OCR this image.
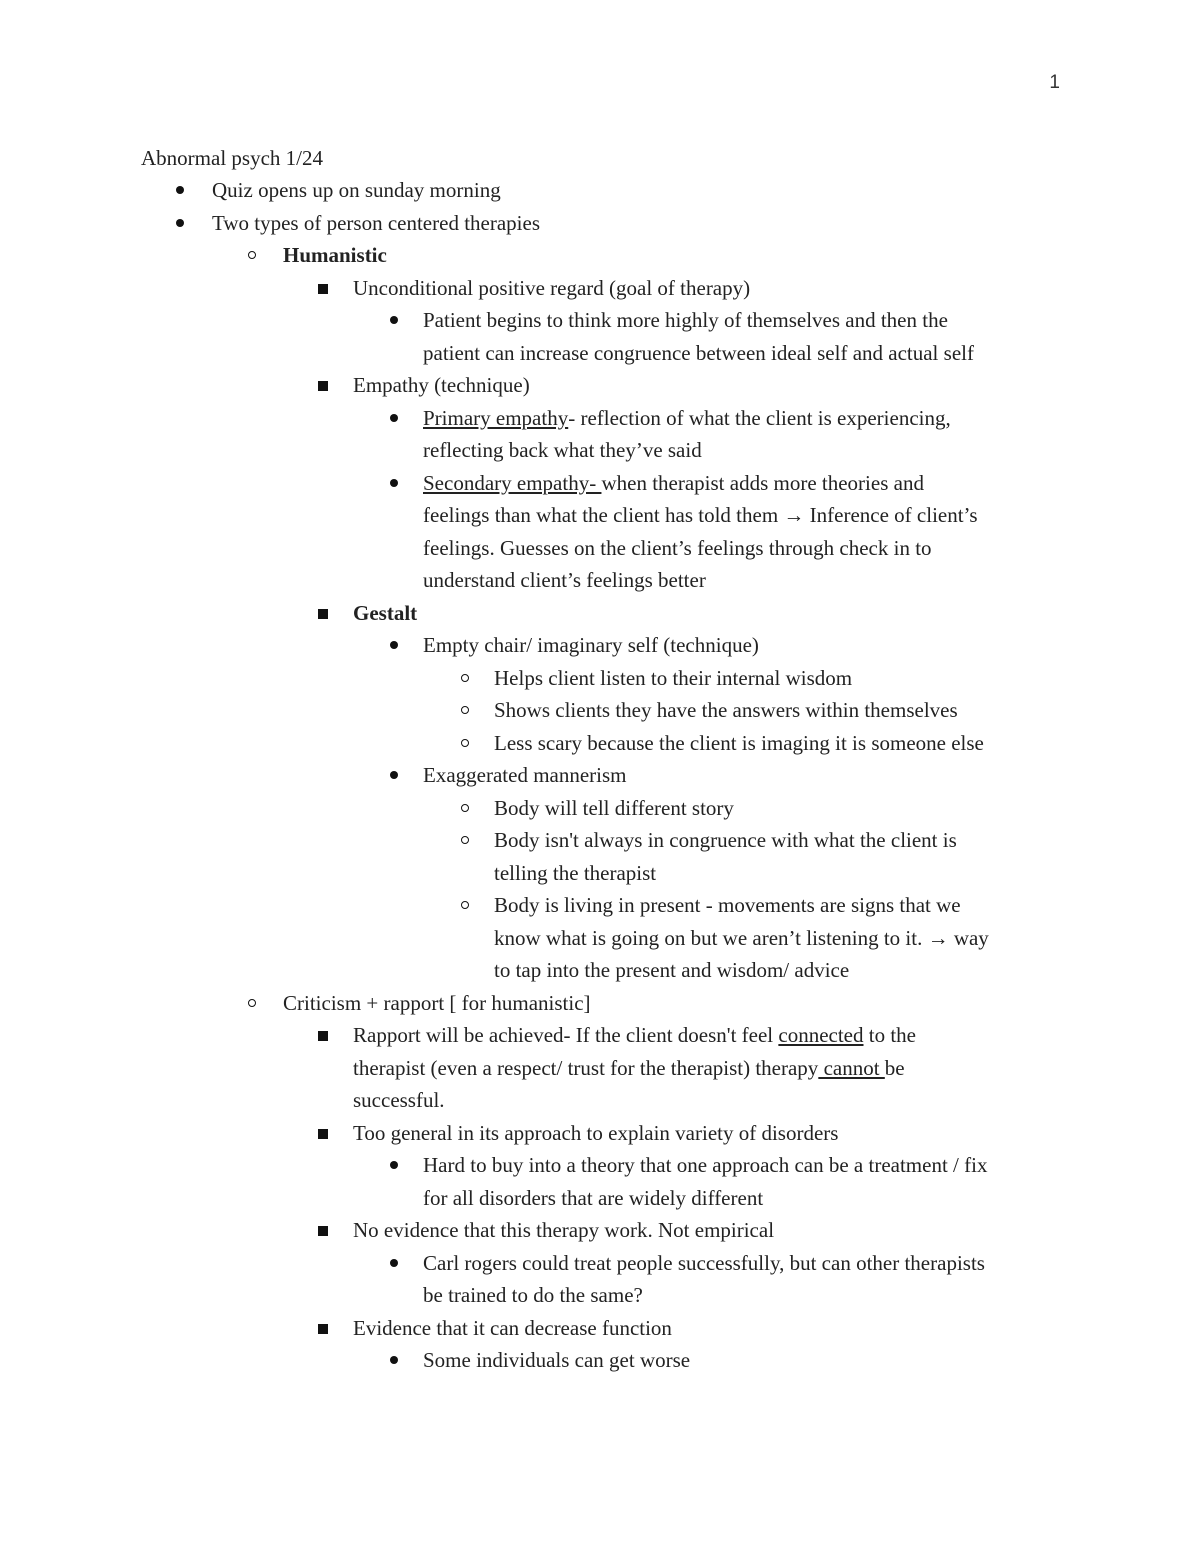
1
Abnormal psych 1/24
Quiz opens up on sunday morning
Two types of person centered therapies
Humanistic
Unconditional positive regard (goal of therapy)
Patient begins to think more highly of themselves and then the
patient can increase congruence between ideal self and actual self
Empathy (technique)
Primary empathy- reflection of what the client is experiencing,
reflecting back what they’ve said
Secondary empathy- when therapist adds more theories and
feelings than what the client has told them → Inference of client’s
feelings. Guesses on the client’s feelings through check in to
understand client’s feelings better
Gestalt
Empty chair/ imaginary self (technique)
Helps client listen to their internal wisdom
Shows clients they have the answers within themselves
Less scary because the client is imaging it is someone else
Exaggerated mannerism
Body will tell different story
Body isn't always in congruence with what the client is
telling the therapist
Body is living in present - movements are signs that we
know what is going on but we aren’t listening to it. → way
to tap into the present and wisdom/ advice
Criticism + rapport [ for humanistic]
Rapport will be achieved- If the client doesn't feel connected to the
therapist (even a respect/ trust for the therapist) therapy cannot be
successful.
Too general in its approach to explain variety of disorders
Hard to buy into a theory that one approach can be a treatment / fix
for all disorders that are widely different
No evidence that this therapy work. Not empirical
Carl rogers could treat people successfully, but can other therapists
be trained to do the same?
Evidence that it can decrease function
Some individuals can get worse
